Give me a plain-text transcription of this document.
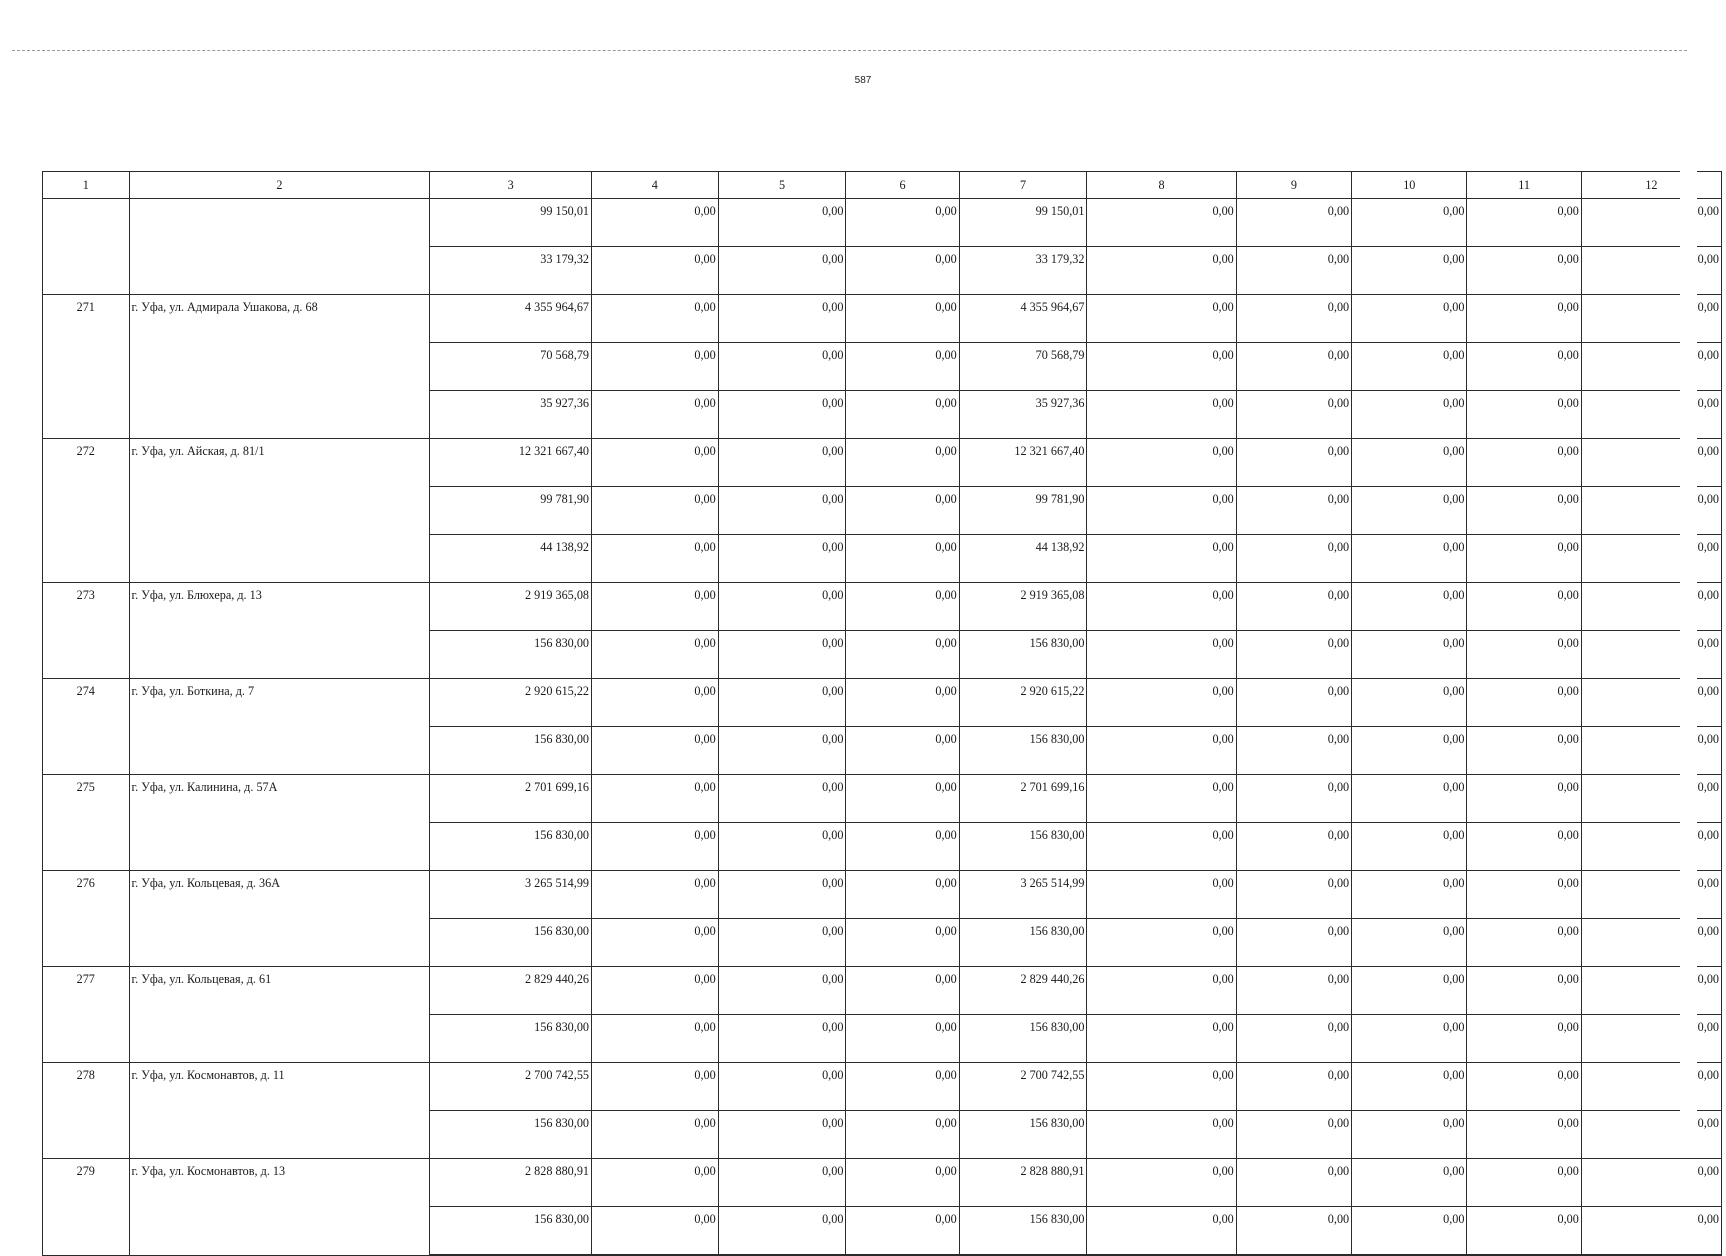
587
1	2	3	4	5	6	7	8	9	10	11	12
		99 150,01	0,00	0,00	0,00	99 150,01	0,00	0,00	0,00	0,00	0,00
		33 179,32	0,00	0,00	0,00	33 179,32	0,00	0,00	0,00	0,00	0,00
271	г. Уфа, ул. Адмирала Ушакова, д. 68	4 355 964,67	0,00	0,00	0,00	4 355 964,67	0,00	0,00	0,00	0,00	0,00
		70 568,79	0,00	0,00	0,00	70 568,79	0,00	0,00	0,00	0,00	0,00
		35 927,36	0,00	0,00	0,00	35 927,36	0,00	0,00	0,00	0,00	0,00
272	г. Уфа, ул. Айская, д. 81/1	12 321 667,40	0,00	0,00	0,00	12 321 667,40	0,00	0,00	0,00	0,00	0,00
		99 781,90	0,00	0,00	0,00	99 781,90	0,00	0,00	0,00	0,00	0,00
		44 138,92	0,00	0,00	0,00	44 138,92	0,00	0,00	0,00	0,00	0,00
273	г. Уфа, ул. Блюхера, д. 13	2 919 365,08	0,00	0,00	0,00	2 919 365,08	0,00	0,00	0,00	0,00	0,00
		156 830,00	0,00	0,00	0,00	156 830,00	0,00	0,00	0,00	0,00	0,00
274	г. Уфа, ул. Боткина, д. 7	2 920 615,22	0,00	0,00	0,00	2 920 615,22	0,00	0,00	0,00	0,00	0,00
		156 830,00	0,00	0,00	0,00	156 830,00	0,00	0,00	0,00	0,00	0,00
275	г. Уфа, ул. Калинина, д. 57А	2 701 699,16	0,00	0,00	0,00	2 701 699,16	0,00	0,00	0,00	0,00	0,00
		156 830,00	0,00	0,00	0,00	156 830,00	0,00	0,00	0,00	0,00	0,00
276	г. Уфа, ул. Кольцевая, д. 36А	3 265 514,99	0,00	0,00	0,00	3 265 514,99	0,00	0,00	0,00	0,00	0,00
		156 830,00	0,00	0,00	0,00	156 830,00	0,00	0,00	0,00	0,00	0,00
277	г. Уфа, ул. Кольцевая, д. 61	2 829 440,26	0,00	0,00	0,00	2 829 440,26	0,00	0,00	0,00	0,00	0,00
		156 830,00	0,00	0,00	0,00	156 830,00	0,00	0,00	0,00	0,00	0,00
278	г. Уфа, ул. Космонавтов, д. 11	2 700 742,55	0,00	0,00	0,00	2 700 742,55	0,00	0,00	0,00	0,00	0,00
		156 830,00	0,00	0,00	0,00	156 830,00	0,00	0,00	0,00	0,00	0,00
279	г. Уфа, ул. Космонавтов, д. 13	2 828 880,91	0,00	0,00	0,00	2 828 880,91	0,00	0,00	0,00	0,00	0,00
		156 830,00	0,00	0,00	0,00	156 830,00	0,00	0,00	0,00	0,00	0,00
